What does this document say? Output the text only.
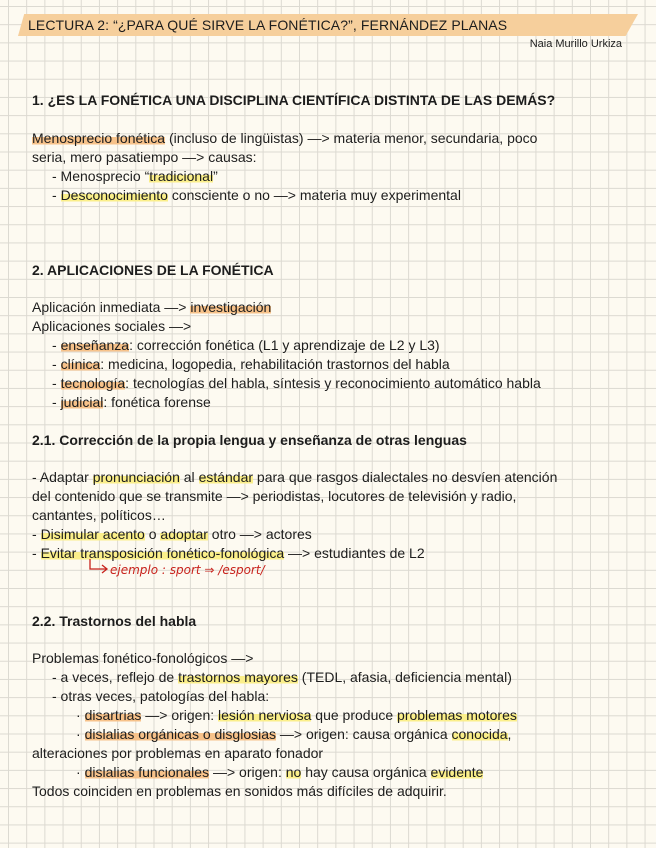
LECTURA 2: “¿PARA QUÉ SIRVE LA FONÉTICA?”, FERNÁNDEZ PLANAS
Naia Murillo Urkiza
1. ¿ES LA FONÉTICA UNA DISCIPLINA CIENTÍFICA DISTINTA DE LAS DEMÁS?
Menosprecio fonética (incluso de lingüistas) —> materia menor, secundaria, poco
seria, mero pasatiempo —> causas:
- Menosprecio “tradicional”
- Desconocimiento consciente o no —> materia muy experimental
2. APLICACIONES DE LA FONÉTICA
Aplicación inmediata —> investigación
Aplicaciones sociales —>
- enseñanza: corrección fonética (L1 y aprendizaje de L2 y L3)
- clínica: medicina, logopedia, rehabilitación trastornos del habla
- tecnología: tecnologías del habla, síntesis y reconocimiento automático habla
- judicial: fonética forense
2.1. Corrección de la propia lengua y enseñanza de otras lenguas
- Adaptar pronunciación al estándar para que rasgos dialectales no desvíen atención
del contenido que se transmite —> periodistas, locutores de televisión y radio,
cantantes, políticos…
- Disimular acento o adoptar otro —> actores
- Evitar transposición fonético-fonológica —> estudiantes de L2
ejemplo : sport ⇒ /esport/
2.2. Trastornos del habla
Problemas fonético-fonológicos —>
- a veces, reflejo de trastornos mayores (TEDL, afasia, deficiencia mental)
- otras veces, patologías del habla:
· disartrias —> origen: lesión nerviosa que produce problemas motores
· dislalias orgánicas o disglosias —> origen: causa orgánica conocida,
alteraciones por problemas en aparato fonador
· dislalias funcionales —> origen: no hay causa orgánica evidente
Todos coinciden en problemas en sonidos más difíciles de adquirir.
